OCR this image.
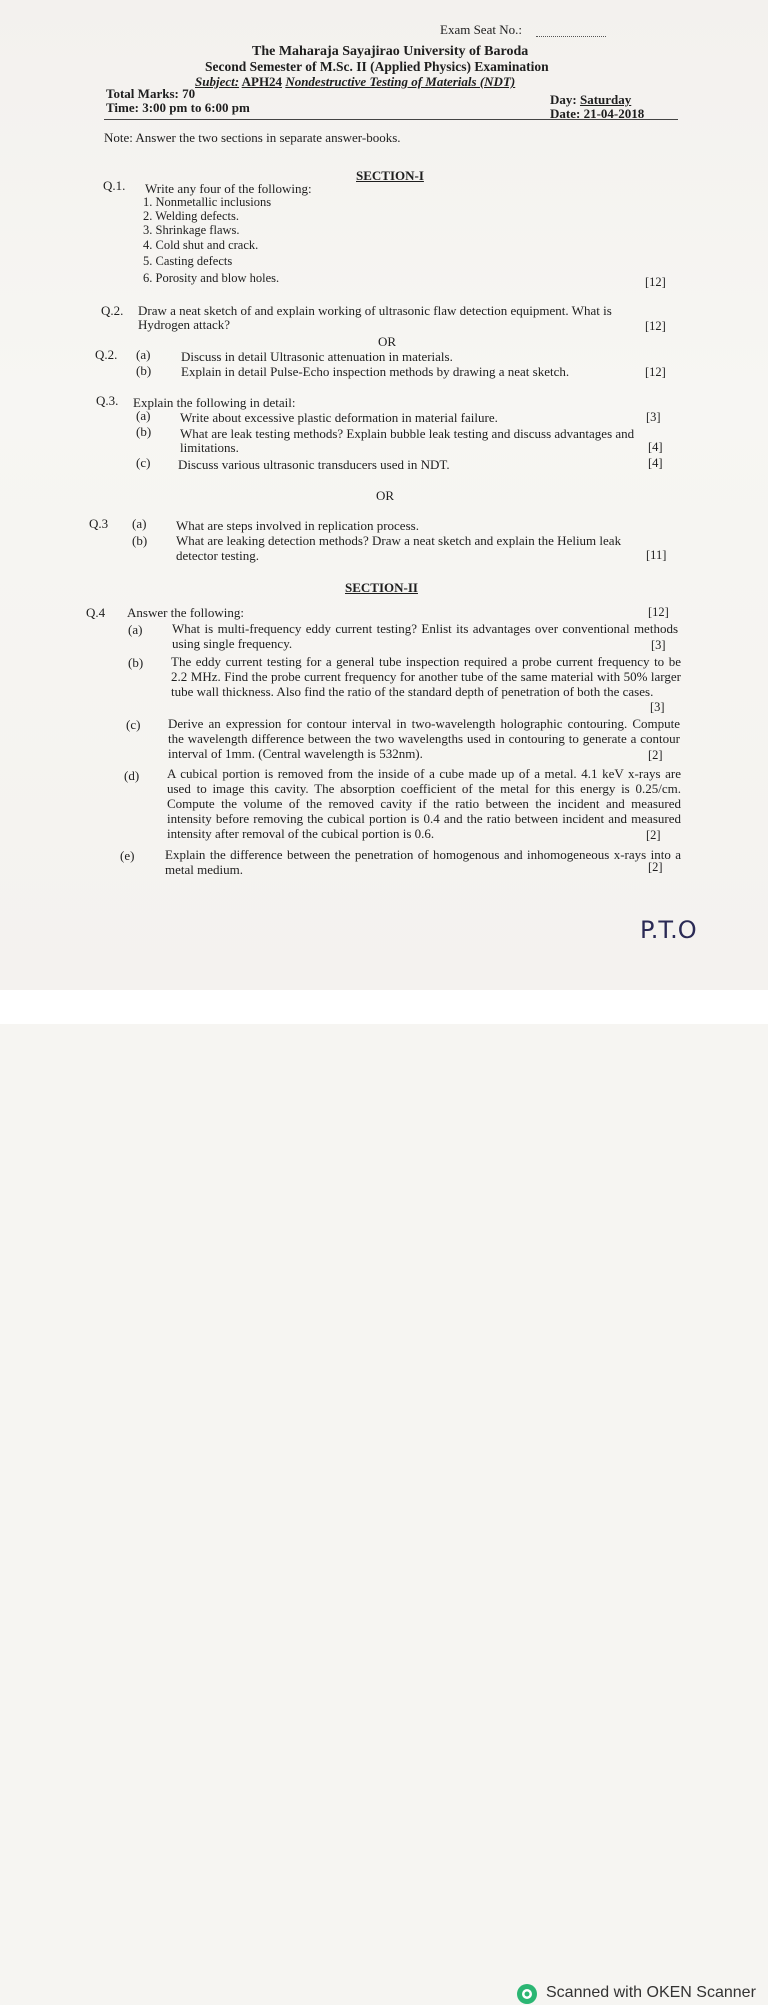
Exam Seat No.:
The Maharaja Sayajirao University of Baroda
Second Semester of M.Sc. II (Applied Physics) Examination
Subject: APH24 Nondestructive Testing of Materials (NDT)
Total Marks: 70
Time: 3:00 pm to 6:00 pm
Day: Saturday
Date: 21-04-2018
Note: Answer the two sections in separate answer-books.
SECTION-I
Q.1. Write any four of the following:
1. Nonmetallic inclusions
2. Welding defects.
3. Shrinkage flaws.
4. Cold shut and crack.
5. Casting defects
6. Porosity and blow holes.	[12]
Q.2. Draw a neat sketch of and explain working of ultrasonic flaw detection equipment. What is
Hydrogen attack?	[12]
OR
Q.2. (a) Discuss in detail Ultrasonic attenuation in materials.
(b) Explain in detail Pulse-Echo inspection methods by drawing a neat sketch.	[12]
Q.3. Explain the following in detail:
(a) Write about excessive plastic deformation in material failure.	[3]
(b) What are leak testing methods? Explain bubble leak testing and discuss advantages and
limitations.	[4]
(c) Discuss various ultrasonic transducers used in NDT.	[4]
OR
Q.3 (a) What are steps involved in replication process.
(b) What are leaking detection methods? Draw a neat sketch and explain the Helium leak
detector testing.	[11]
SECTION-II
Q.4 Answer the following:	[12]
(a) What is multi-frequency eddy current testing? Enlist its advantages over conventional methods using single frequency.	[3]
(b) The eddy current testing for a general tube inspection required a probe current frequency to be 2.2 MHz. Find the probe current frequency for another tube of the same material with 50% larger tube wall thickness. Also find the ratio of the standard depth of penetration of both the cases.
[3]
(c) Derive an expression for contour interval in two-wavelength holographic contouring. Compute the wavelength difference between the two wavelengths used in contouring to generate a contour interval of 1mm. (Central wavelength is 532nm).	[2]
(d) A cubical portion is removed from the inside of a cube made up of a metal. 4.1 keV x-rays are used to image this cavity. The absorption coefficient of the metal for this energy is 0.25/cm. Compute the volume of the removed cavity if the ratio between the incident and measured intensity before removing the cubical portion is 0.4 and the ratio between incident and measured intensity after removal of the cubical portion is 0.6.	[2]
(e) Explain the difference between the penetration of homogenous and inhomogeneous x-rays into a metal medium.	[2]
P.T.O
Scanned with OKEN Scanner
